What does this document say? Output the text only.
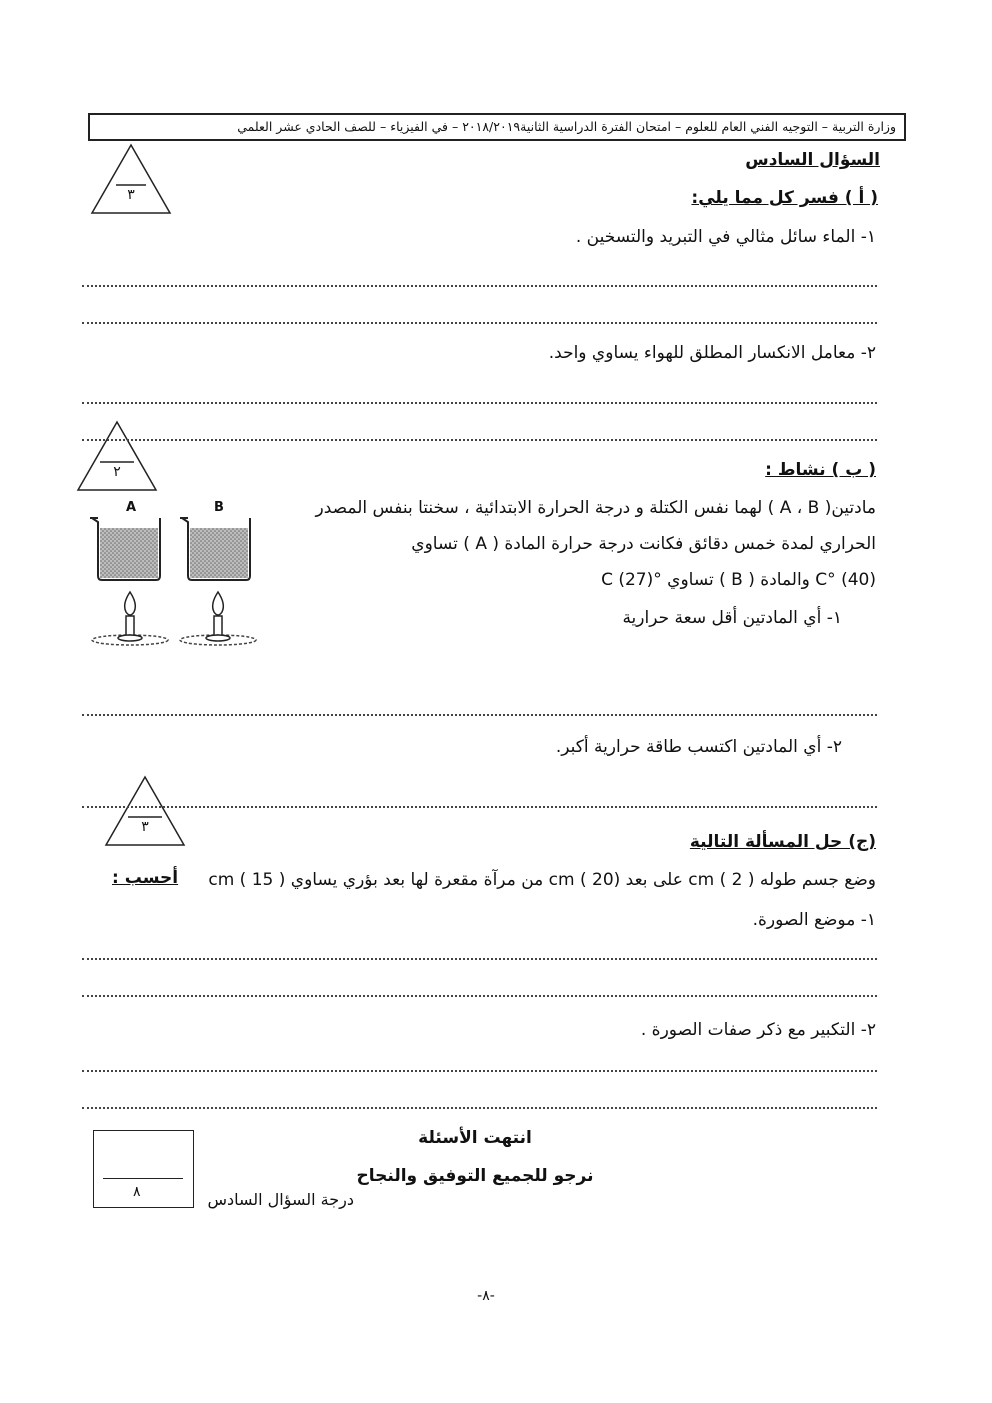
وزارة التربية – التوجيه الفني العام للعلوم – امتحان الفترة الدراسية الثانية٢٠١٨/٢٠١٩ – في الفيزياء – للصف الحادي عشر العلمي
٣
٢
٣
السؤال السادس
( أ ) فسر كل مما يلي:
١- الماء سائل مثالي في التبريد والتسخين .
٢- معامل الانكسار المطلق للهواء يساوي واحد.
( ب ) نشاط :
مادتين( A ، B ) لهما نفس الكتلة و درجة الحرارة الابتدائية ، سخنتا بنفس المصدر
الحراري لمدة خمس دقائق فكانت درجة حرارة المادة ( A ) تساوي
(40) °C والمادة ( B ) تساوي °C (27)
١- أي المادتين أقل سعة حرارية
٢- أي المادتين اكتسب طاقة حرارية أكبر.
A	B
(ج) حل المسألة التالية
وضع جسم طوله cm ( 2 ) على بعد cm ( 20) من مرآة مقعرة لها بعد بؤري يساوي cm ( 15 )
أحسب :
١- موضع الصورة.
٢- التكبير مع ذكر صفات الصورة .
انتهت الأسئلة
نرجو للجميع التوفيق والنجاح
درجة السؤال السادس
٨
-٨-
